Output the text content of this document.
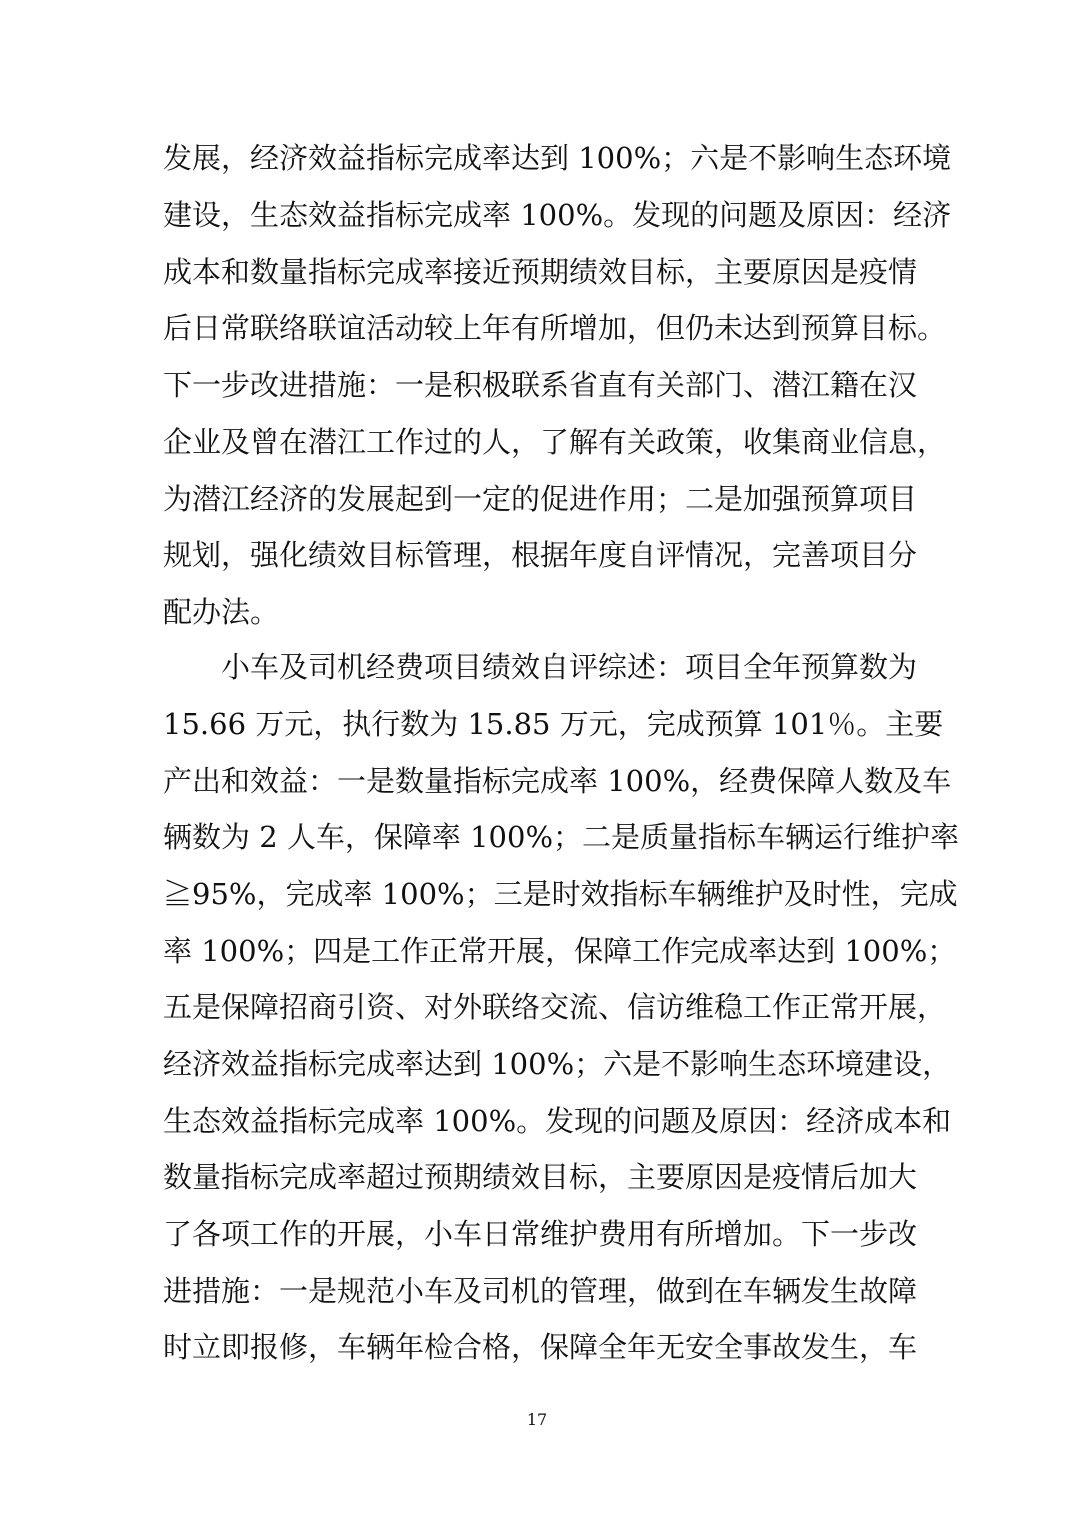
发展，经济效益指标完成率达到 100%；六是不影响生态环境
建设，生态效益指标完成率 100%。发现的问题及原因：经济
成本和数量指标完成率接近预期绩效目标，主要原因是疫情
后日常联络联谊活动较上年有所增加，但仍未达到预算目标。
下一步改进措施：一是积极联系省直有关部门、潜江籍在汉
企业及曾在潜江工作过的人，了解有关政策，收集商业信息，
为潜江经济的发展起到一定的促进作用；二是加强预算项目
规划，强化绩效目标管理，根据年度自评情况，完善项目分
配办法。
小车及司机经费项目绩效自评综述：项目全年预算数为
15.66 万元，执行数为 15.85 万元，完成预算 101％。主要
产出和效益：一是数量指标完成率 100%，经费保障人数及车
辆数为 2 人车，保障率 100%；二是质量指标车辆运行维护率
≧95%，完成率 100%；三是时效指标车辆维护及时性，完成
率 100%；四是工作正常开展，保障工作完成率达到 100%；
五是保障招商引资、对外联络交流、信访维稳工作正常开展，
经济效益指标完成率达到 100%；六是不影响生态环境建设，
生态效益指标完成率 100%。发现的问题及原因：经济成本和
数量指标完成率超过预期绩效目标，主要原因是疫情后加大
了各项工作的开展，小车日常维护费用有所增加。下一步改
进措施：一是规范小车及司机的管理，做到在车辆发生故障
时立即报修，车辆年检合格，保障全年无安全事故发生，车
17
